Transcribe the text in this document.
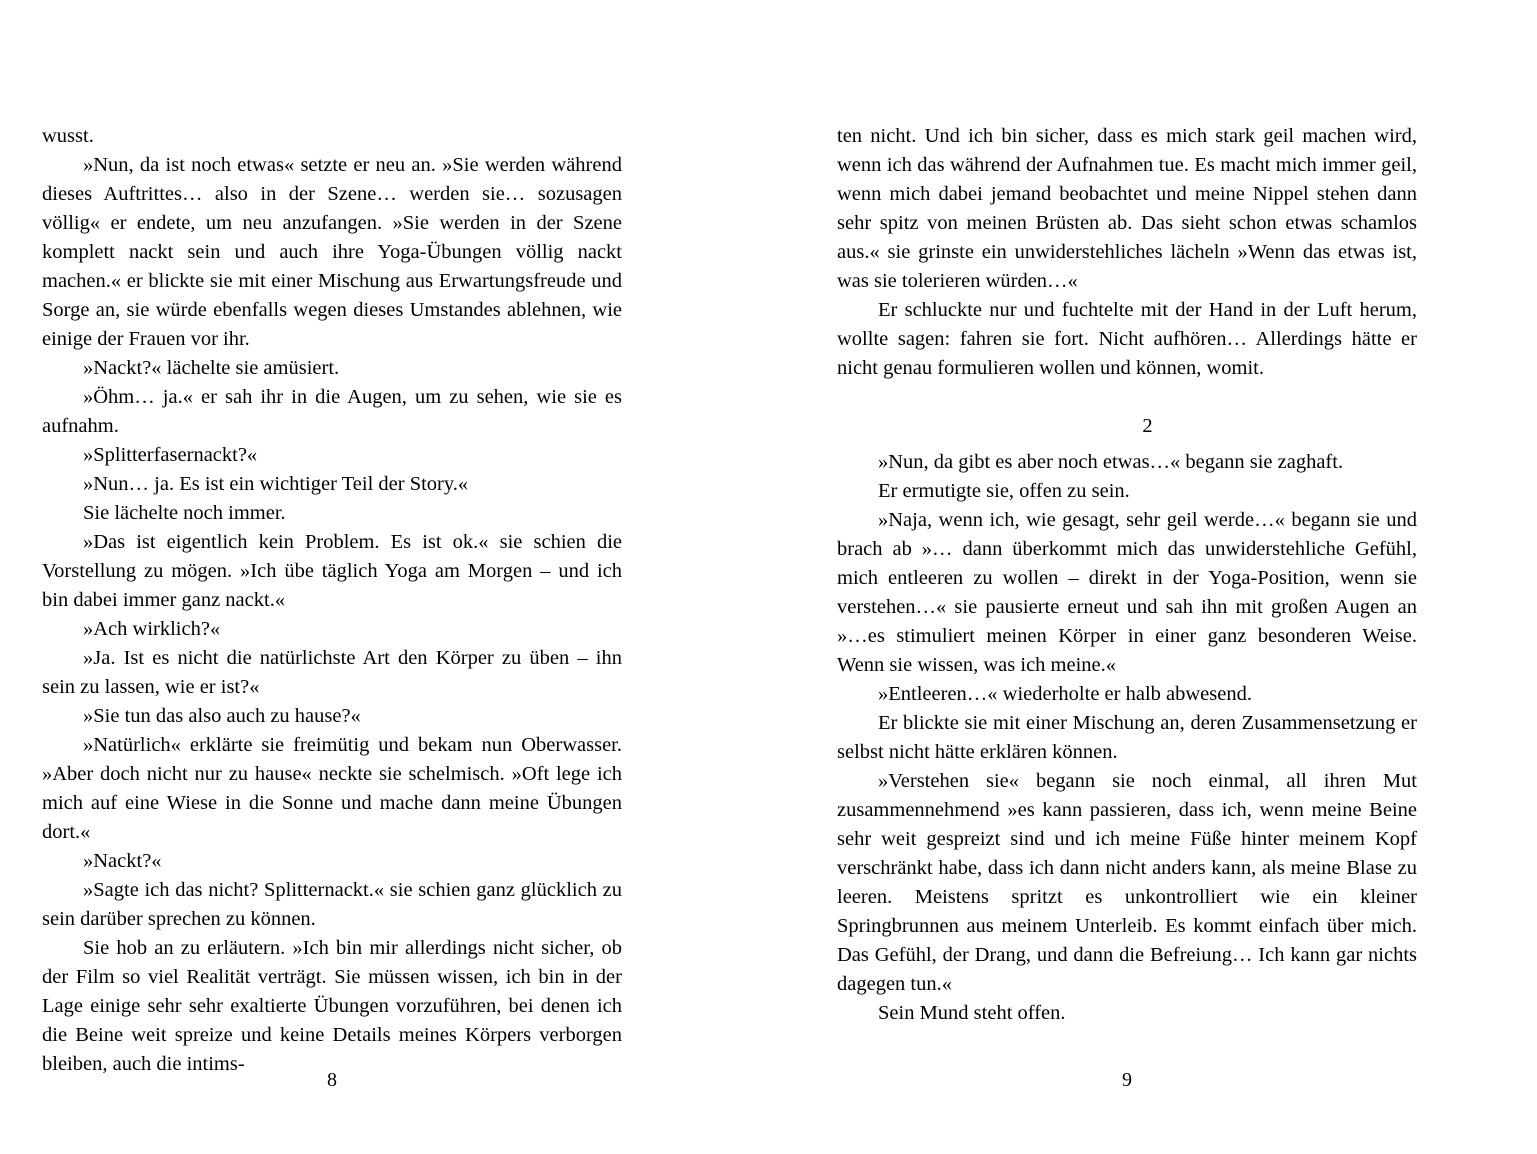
wusst.

»Nun, da ist noch etwas« setzte er neu an. »Sie werden während dieses Auftrittes… also in der Szene… werden sie… sozusagen völlig« er endete, um neu anzufangen. »Sie werden in der Szene komplett nackt sein und auch ihre Yoga-Übungen völlig nackt machen.« er blickte sie mit einer Mischung aus Erwartungsfreude und Sorge an, sie würde ebenfalls wegen dieses Umstandes ablehnen, wie einige der Frauen vor ihr.

»Nackt?« lächelte sie amüsiert.

»Öhm… ja.« er sah ihr in die Augen, um zu sehen, wie sie es aufnahm.

»Splitterfasernackt?«

»Nun… ja. Es ist ein wichtiger Teil der Story.«

Sie lächelte noch immer.

»Das ist eigentlich kein Problem. Es ist ok.« sie schien die Vorstellung zu mögen. »Ich übe täglich Yoga am Morgen – und ich bin dabei immer ganz nackt.«

»Ach wirklich?«

»Ja. Ist es nicht die natürlichste Art den Körper zu üben – ihn sein zu lassen, wie er ist?«

»Sie tun das also auch zu hause?«

»Natürlich« erklärte sie freimütig und bekam nun Oberwasser. »Aber doch nicht nur zu hause« neckte sie schelmisch. »Oft lege ich mich auf eine Wiese in die Sonne und mache dann meine Übungen dort.«

»Nackt?«

»Sagte ich das nicht? Splitternackt.« sie schien ganz glücklich zu sein darüber sprechen zu können.

Sie hob an zu erläutern. »Ich bin mir allerdings nicht sicher, ob der Film so viel Realität verträgt. Sie müssen wissen, ich bin in der Lage einige sehr sehr exaltierte Übungen vorzuführen, bei denen ich die Beine weit spreize und keine Details meines Körpers verborgen bleiben, auch die intims-

8

ten nicht. Und ich bin sicher, dass es mich stark geil machen wird, wenn ich das während der Aufnahmen tue. Es macht mich immer geil, wenn mich dabei jemand beobachtet und meine Nippel stehen dann sehr spitz von meinen Brüsten ab. Das sieht schon etwas schamlos aus.« sie grinste ein unwiderstehliches lächeln »Wenn das etwas ist, was sie tolerieren würden…«

Er schluckte nur und fuchtelte mit der Hand in der Luft herum, wollte sagen: fahren sie fort. Nicht aufhören… Allerdings hätte er nicht genau formulieren wollen und können, womit.

2

»Nun, da gibt es aber noch etwas…« begann sie zaghaft.

Er ermutigte sie, offen zu sein.

»Naja, wenn ich, wie gesagt, sehr geil werde…« begann sie und brach ab »… dann überkommt mich das unwiderstehliche Gefühl, mich entleeren zu wollen – direkt in der Yoga-Position, wenn sie verstehen…« sie pausierte erneut und sah ihn mit großen Augen an »…es stimuliert meinen Körper in einer ganz besonderen Weise. Wenn sie wissen, was ich meine.«

»Entleeren…« wiederholte er halb abwesend.

Er blickte sie mit einer Mischung an, deren Zusammensetzung er selbst nicht hätte erklären können.

»Verstehen sie« begann sie noch einmal, all ihren Mut zusammennehmend »es kann passieren, dass ich, wenn meine Beine sehr weit gespreizt sind und ich meine Füße hinter meinem Kopf verschränkt habe, dass ich dann nicht anders kann, als meine Blase zu leeren. Meistens spritzt es unkontrolliert wie ein kleiner Springbrunnen aus meinem Unterleib. Es kommt einfach über mich. Das Gefühl, der Drang, und dann die Befreiung… Ich kann gar nichts dagegen tun.«

Sein Mund steht offen.

9
